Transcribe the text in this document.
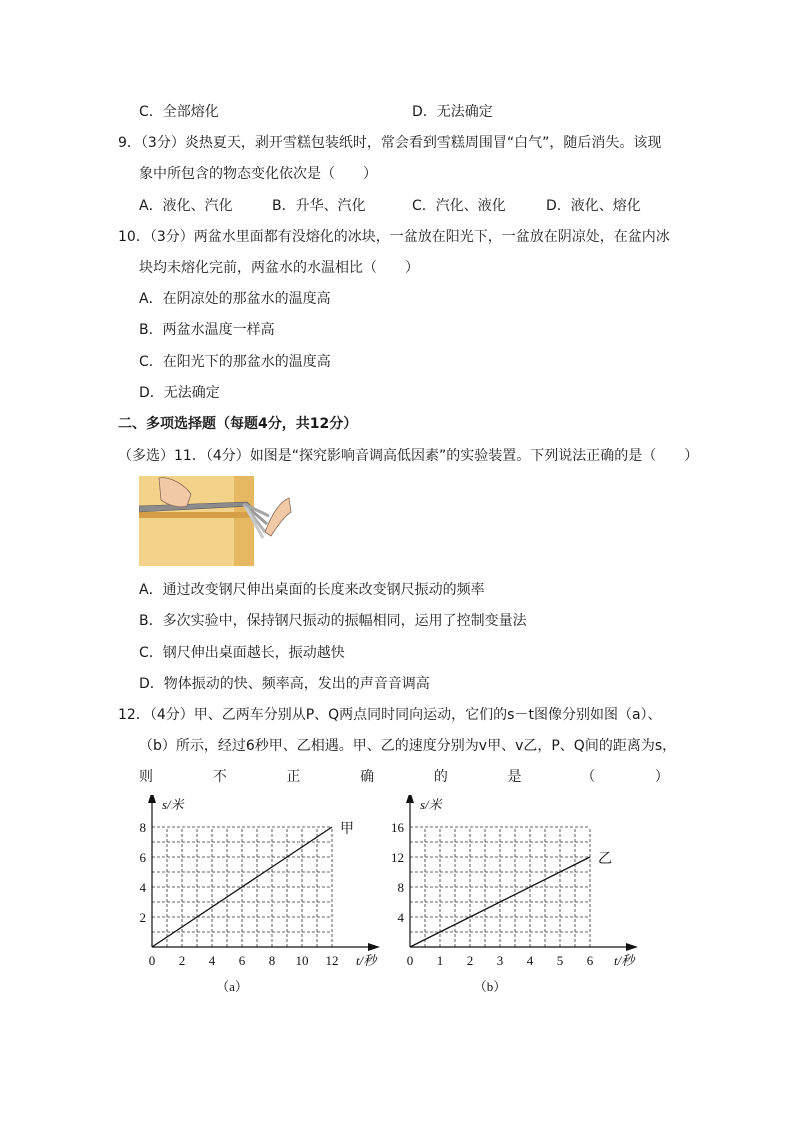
C．全部熔化	D．无法确定
9．（3分）炎热夏天，剥开雪糕包装纸时，常会看到雪糕周围冒“白气”，随后消失。该现
象中所包含的物态变化依次是（　　）
A．液化、汽化	B．升华、汽化	C．汽化、液化	D．液化、熔化
10．（3分）两盆水里面都有没熔化的冰块，一盆放在阳光下，一盆放在阴凉处，在盆内冰
块均未熔化完前，两盆水的水温相比（　　）
A．在阴凉处的那盆水的温度高
B．两盆水温度一样高
C．在阳光下的那盆水的温度高
D．无法确定
二、多项选择题（每题4分，共12分）
（多选）11．（4分）如图是“探究影响音调高低因素”的实验装置。下列说法正确的是（　　）
A．通过改变钢尺伸出桌面的长度来改变钢尺振动的频率
B．多次实验中，保持钢尺振动的振幅相同，运用了控制变量法
C．钢尺伸出桌面越长，振动越快
D．物体振动的快、频率高，发出的声音音调高
12．（4分）甲、乙两车分别从P、Q两点同时同向运动，它们的s－t图像分别如图（a）、
（b）所示，经过6秒甲、乙相遇。甲、乙的速度分别为v甲、v乙，P、Q间的距离为s，
则	不	正	确	的	是	（	）
0 2 4 6 8 10 12
2
4
6
8
t/秒
s/米
甲
（a）
0 1 2 3 4 5 6
4
8
12
16
t/秒
s/米
乙
（b）
